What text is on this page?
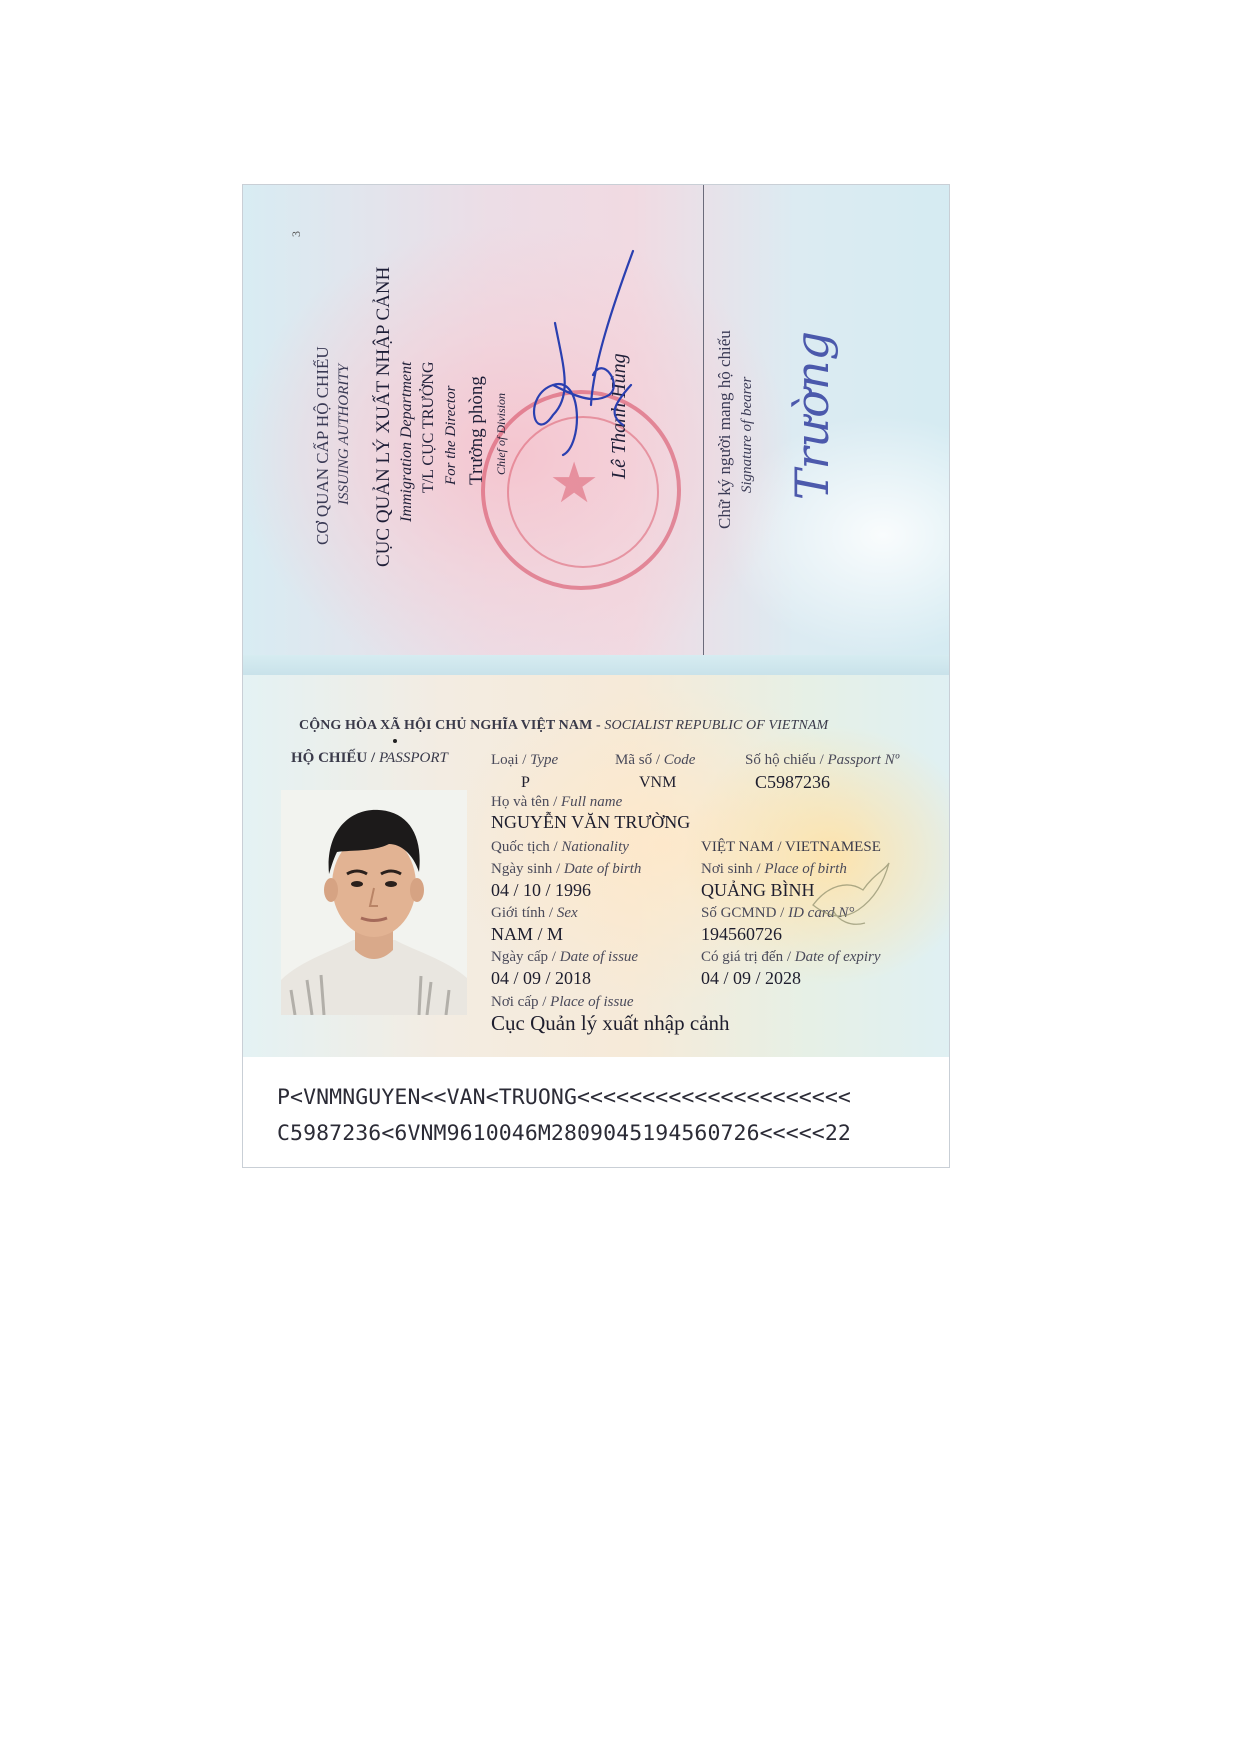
3
★
CƠ QUAN CẤP HỘ CHIẾU ISSUING AUTHORITY CỤC QUẢN LÝ XUẤT NHẬP CẢNH Immigration Department T/L CỤC TRƯỞNG For the Director Trưởng phòng Chief of Division	Lê Thanh Hùng	Chữ ký người mang hộ chiếu Signature of bearer Trường
CỘNG HÒA XÃ HỘI CHỦ NGHĨA VIỆT NAM - SOCIALIST REPUBLIC OF VIETNAM
HỘ CHIẾU / PASSPORT	Loại / Type	Mã số / Code	Số hộ chiếu / Passport Nº
P	VNM	C5987236
Họ và tên / Full name
NGUYỄN VĂN TRƯỜNG
Quốc tịch / Nationality	VIỆT NAM / VIETNAMESE
Ngày sinh / Date of birth	Nơi sinh / Place of birth
04 / 10 / 1996	QUẢNG BÌNH
Giới tính / Sex	Số GCMND / ID card N°
NAM / M	194560726
Ngày cấp / Date of issue	Có giá trị đến / Date of expiry
04 / 09 / 2018	04 / 09 / 2028
Nơi cấp / Place of issue
Cục Quản lý xuất nhập cảnh
P<VNMNGUYEN<<VAN<TRUONG<<<<<<<<<<<<<<<<<<<<<
C5987236<6VNM9610046M2809045194560726<<<<<22
